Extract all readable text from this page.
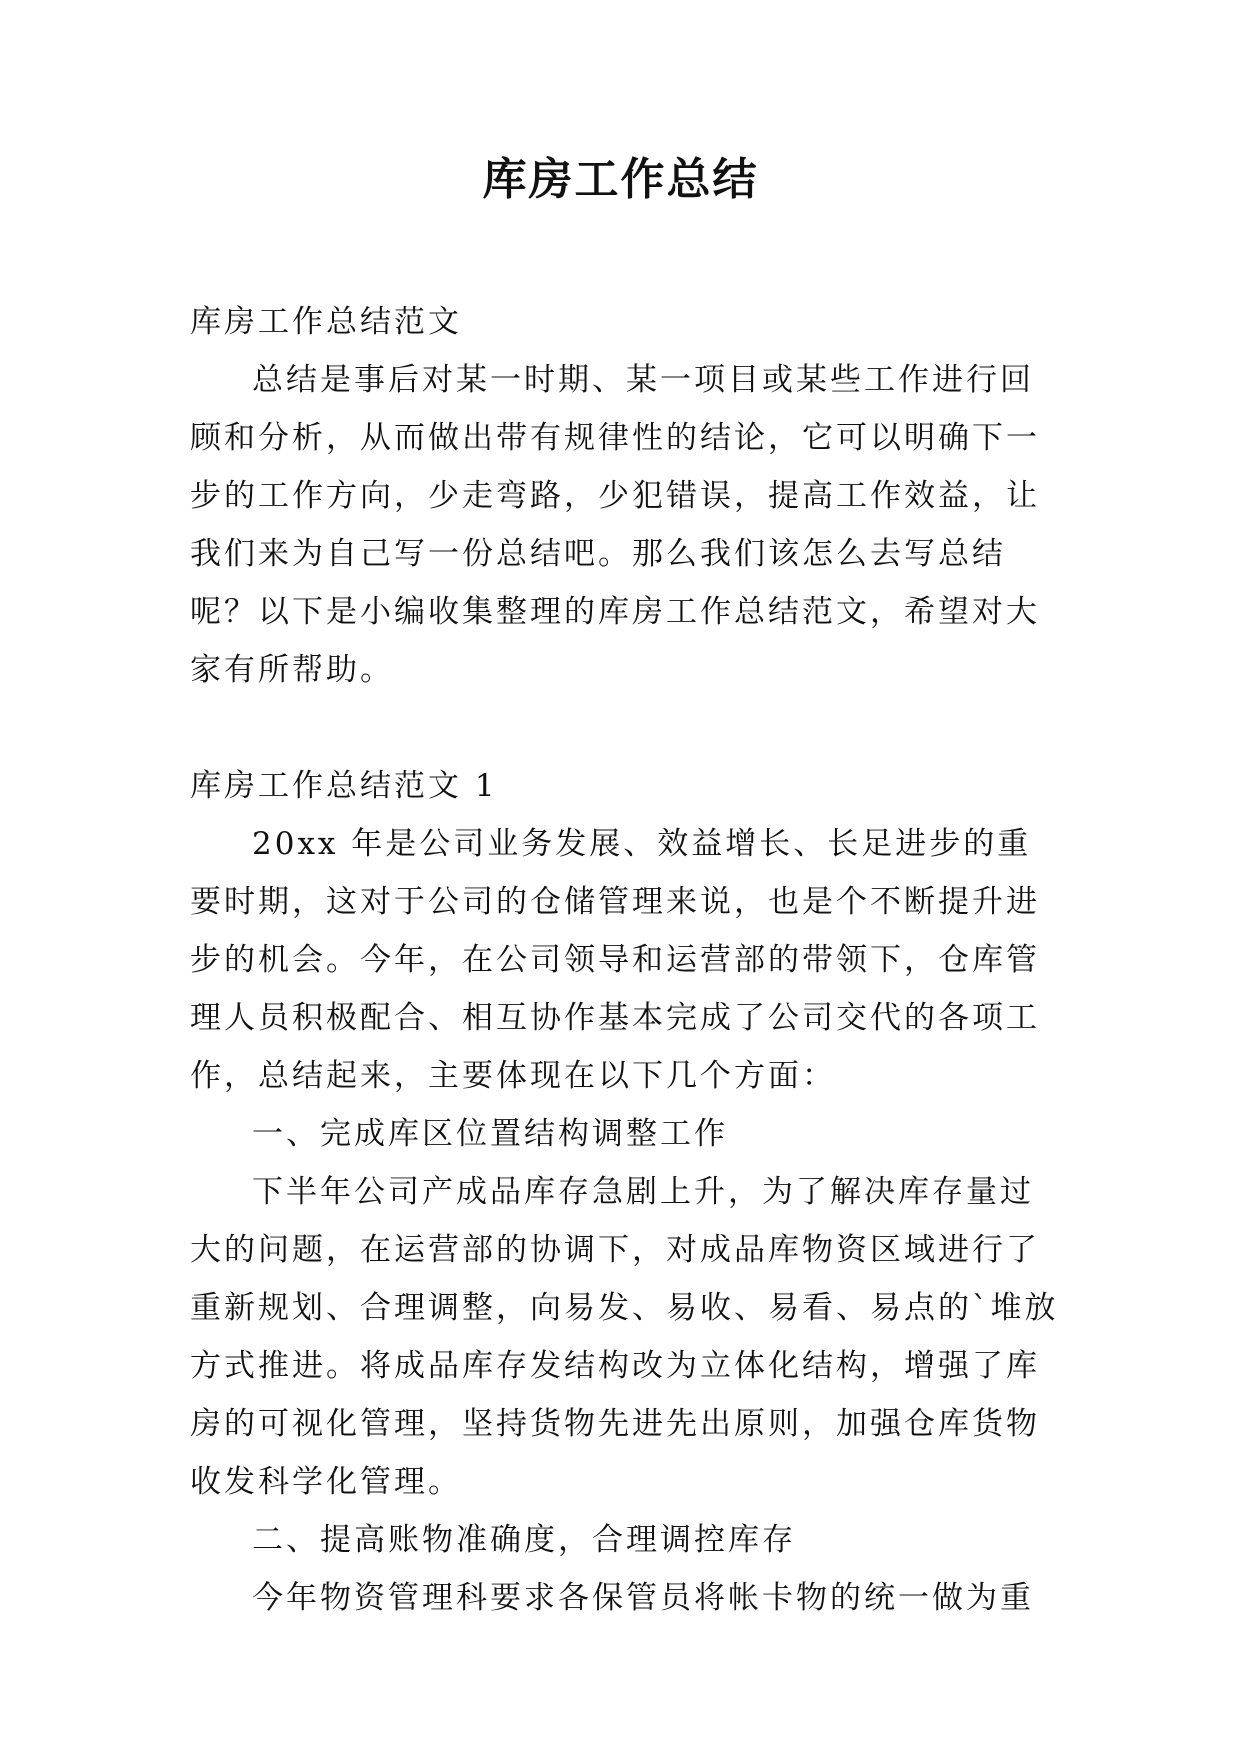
库房工作总结

库房工作总结范文

总结是事后对某一时期、某一项目或某些工作进行回顾和分析，从而做出带有规律性的结论，它可以明确下一步的工作方向，少走弯路，少犯错误，提高工作效益，让我们来为自己写一份总结吧。那么我们该怎么去写总结呢？以下是小编收集整理的库房工作总结范文，希望对大家有所帮助。

库房工作总结范文 1

20xx 年是公司业务发展、效益增长、长足进步的重要时期，这对于公司的仓储管理来说，也是个不断提升进步的机会。今年，在公司领导和运营部的带领下，仓库管理人员积极配合、相互协作基本完成了公司交代的各项工作，总结起来，主要体现在以下几个方面：

一、完成库区位置结构调整工作

下半年公司产成品库存急剧上升，为了解决库存量过大的问题，在运营部的协调下，对成品库物资区域进行了重新规划、合理调整，向易发、易收、易看、易点的`堆放方式推进。将成品库存发结构改为立体化结构，增强了库房的可视化管理，坚持货物先进先出原则，加强仓库货物收发科学化管理。

二、提高账物准确度，合理调控库存

今年物资管理科要求各保管员将帐卡物的统一做为重
